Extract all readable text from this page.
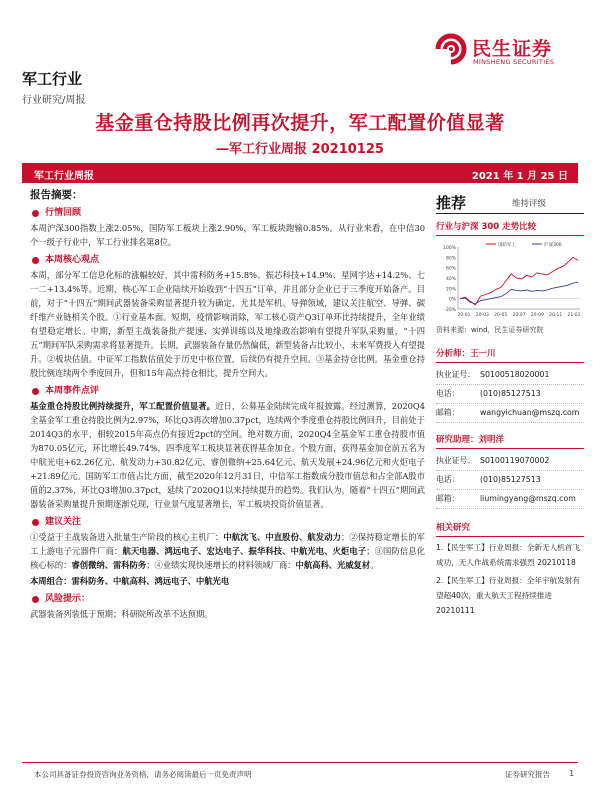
民生证券
MINSHENG SECURITIES
军工行业
行业研究/周报
基金重仓持股比例再次提升，军工配置价值显著
—军工行业周报 20210125
军工行业周报	2021 年 1 月 25 日
报告摘要：
行情回顾
本周沪深300指数上涨2.05%，国防军工板块上涨2.90%，军工板块跑输0.85%。从行业来看，在中信30个一级子行业中，军工行业排名第8位。
本周核心观点
本周，部分军工信息化标的涨幅较好，其中雷科防务+15.8%、振芯科技+14.9%、星网宇达+14.2%、七一二+13.4%等。近期，核心军工企业陆续开始收到“十四五”订单，并且部分企业已于三季度开始备产。目前，对于“十四五”期间武器装备采购显著提升较为确定，尤其是军机、导弹领域，建议关注航空、导弹、碳纤维产业链相关个股。①行业基本面。短期，疫情影响消除，军工核心资产Q3订单环比持续提升，全年业绩有望稳定增长。中期，新型主战装备批产提速、实弹训练以及地缘政治影响有望提升军队采购量，“十四五”期间军队采购需求将显著提升。长期，武器装备存量仍然偏低，新型装备占比较小，未来军费投入有望提升。②板块估值。中证军工指数估值处于历史中枢位置，后续仍有提升空间。③基金持仓比例。基金重仓持股比例连续两个季度回升，但和15年高点持仓相比，提升空间大。
本周事件点评
基金重仓持股比例持续提升，军工配置价值显著。近日，公募基金陆续完成年报披露。经过测算，2020Q4全基金军工重仓持股比例为2.97%，环比Q3再次增加0.37pct，连续两个季度重仓持股比例回升，目前处于2014Q3的水平，相较2015年高点仍有接近2pct的空间。绝对数方面，2020Q4全基金军工重仓持股市值为870.05亿元，环比增长49.74%，四季度军工板块显著获得基金加仓。个股方面，获得基金加仓前五名为中航光电+62.26亿元、航发动力+30.82亿元、睿创微纳+25.64亿元、航天发展+24.96亿元和火炬电子+21.89亿元。国防军工市值占比方面，截至2020年12月31日，中信军工指数成分股市值总和占全部A股市值的2.37%，环比Q3增加0.37pct，延续了2020Q1以来持续提升的趋势。我们认为，随着“十四五”期间武器装备采购量提升预期逐渐兑现，行业景气度显著增长，军工板块投资价值显著。
建议关注
①受益于主战装备进入批量生产阶段的核心主机厂：中航沈飞、中直股份、航发动力；②保持稳定增长的军工上游电子元器件厂商：航天电器、鸿远电子、宏达电子、振华科技、中航光电、火炬电子；③国防信息化核心标的：睿创微纳、雷科防务；④业绩实现快速增长的材料领域厂商：中航高科、光威复材。
本周组合：雷科防务、中航高科、鸿远电子、中航光电
风险提示：
武器装备列装低于预期；科研院所改革不达预期。
推荐	维持评级
行业与沪深 300 走势比较
100%
80%
60%
40%
20%
0%
-20%
20-01 20-03 20-05 20-07 20-09 20-11 21-01
国防军工	沪深300
资料来源：wind，民生证券研究院
分析师：王一川
执业证号： S0100518020001
电话：	(010)85127513
邮箱：	wangyichuan@mszq.com
研究助理：刘明洋
执业证号： S0100119070002
电话：	(010)85127513
邮箱：	liumingyang@mszq.com
相关研究
1.【民生军工】行业周报：全新无人机首飞成功，无人作战系统需求强烈 20210118
2.【民生军工】行业周报：全年宇航发射有望超40次，重大航天工程持续推进 20210111
本公司具备证券投资咨询业务资格，请务必阅读最后一页免责声明	证券研究报告	1
